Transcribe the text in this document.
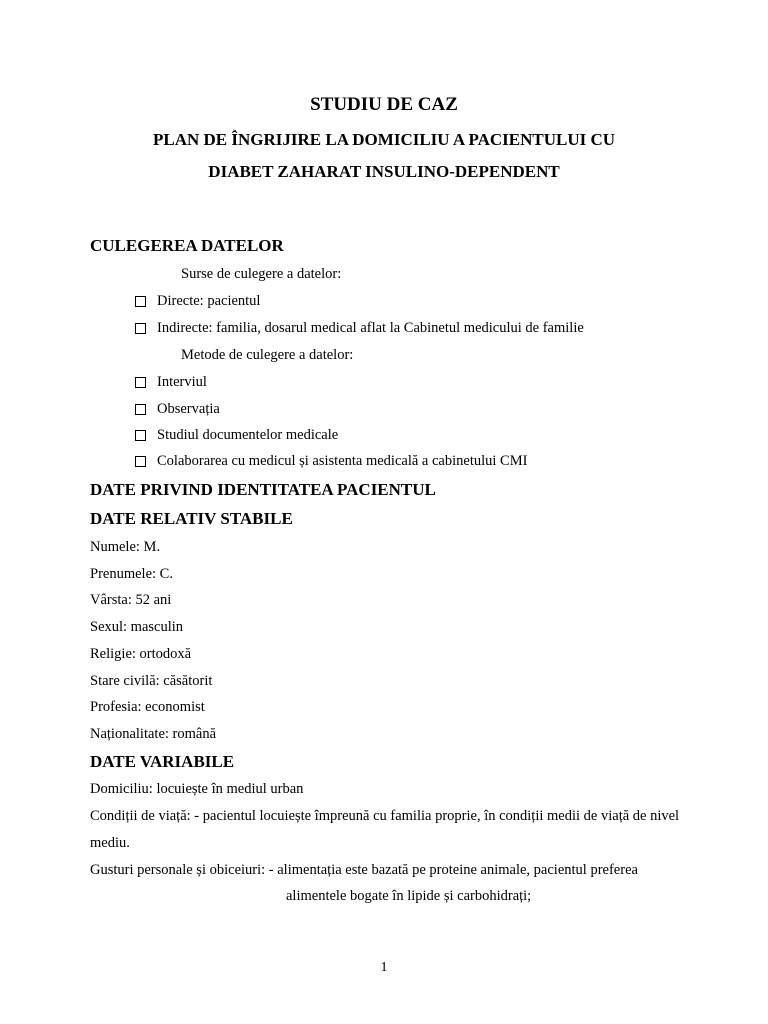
STUDIU DE CAZ
PLAN DE ÎNGRIJIRE LA DOMICILIU A PACIENTULUI CU
DIABET ZAHARAT INSULINO-DEPENDENT
CULEGEREA DATELOR
Surse de culegere a datelor:
Directe: pacientul
Indirecte: familia, dosarul medical aflat la Cabinetul medicului de familie
Metode de culegere a datelor:
Interviul
Observația
Studiul documentelor medicale
Colaborarea cu medicul și asistenta medicală a cabinetului CMI
DATE PRIVIND IDENTITATEA PACIENTUL
DATE RELATIV STABILE
Numele: M.
Prenumele: C.
Vârsta: 52 ani
Sexul: masculin
Religie: ortodoxă
Stare civilă: căsătorit
Profesia: economist
Naționalitate: română
DATE VARIABILE
Domiciliu: locuiește în mediul urban
Condiții de viață: - pacientul locuiește împreună cu familia proprie, în condiții medii de viață de nivel
mediu.
Gusturi personale și obiceiuri: - alimentația este bazată pe proteine animale, pacientul preferea
alimentele bogate în lipide și carbohidrați;
1
